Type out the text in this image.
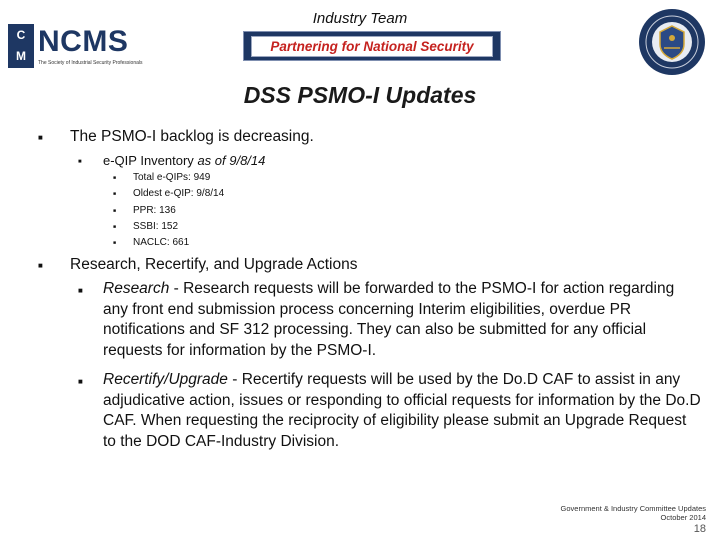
Industry Team
C
M NCMS
The Society of Industrial Security Professionals
Partnering for National Security
DSS PSMO-I Updates
■ The PSMO-I backlog is decreasing.
■ e-QIP Inventory as of 9/8/14
■ Total e-QIPs: 949
■ Oldest e-QIP: 9/8/14
■ PPR: 136
■ SSBI: 152
■ NACLC: 661
■ Research, Recertify, and Upgrade Actions
■ Research - Research requests will be forwarded to the PSMO-I for action regarding any front end submission process concerning Interim eligibilities, overdue PR notifications and SF 312 processing. They can also be submitted for any official requests for information by the PSMO-I.
■ Recertify/Upgrade - Recertify requests will be used by the Do.D CAF to assist in any adjudicative action, issues or responding to official requests for information by the Do.D CAF. When requesting the reciprocity of eligibility please submit an Upgrade Request to the DOD CAF-Industry Division.
Government & Industry Committee Updates
October 2014
18
